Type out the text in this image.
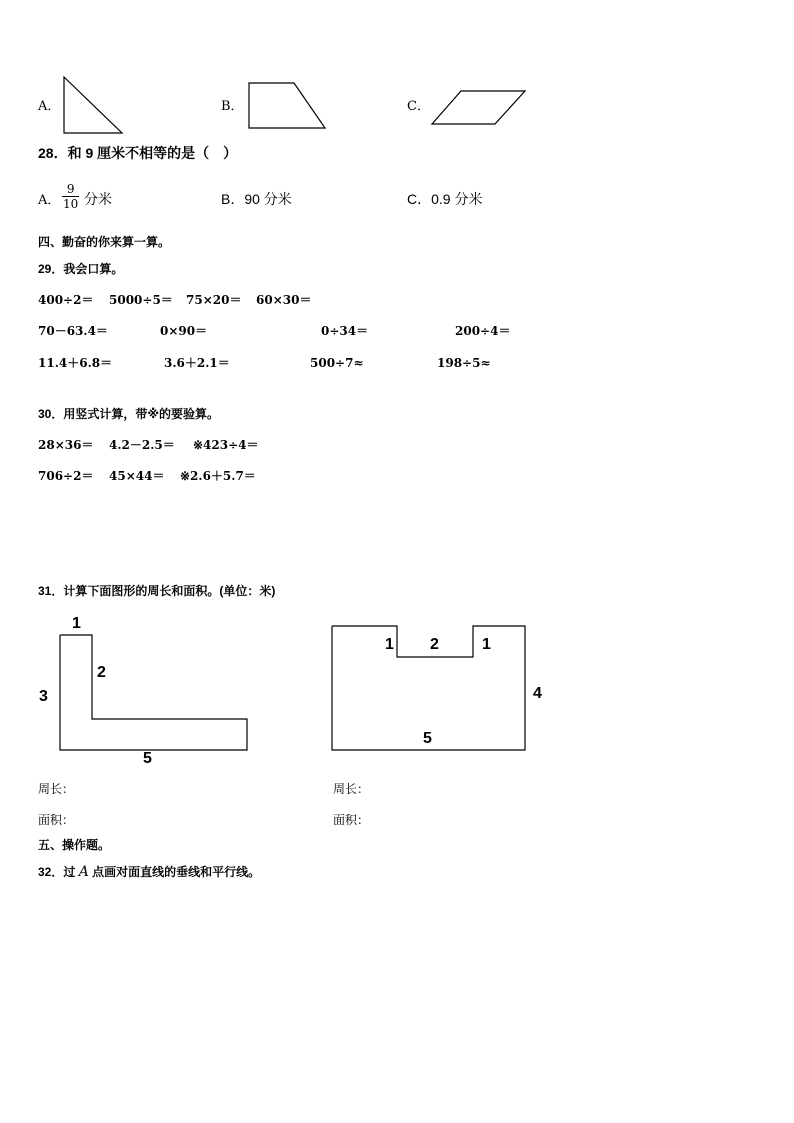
A．	B．	C．
28．和 9 厘米不相等的是（　）
A． $\frac{9}{10}$ 分米	B．90 分米	C．0.9 分米
四、勤奋的你来算一算。
29．我会口算。
400÷2＝ 5000÷5＝ 75×20＝ 60×30＝
70－63.4＝	0×90＝	0÷34＝	200÷4＝
11.4＋6.8＝	3.6＋2.1＝	500÷7≈	198÷5≈
30．用竖式计算，带※的要验算。
28×36＝ 4.2－2.5＝ ※423÷4＝
706÷2＝ 45×44＝ ※2.6＋5.7＝
31．计算下面图形的周长和面积。(单位：米)
1
2
3
5
1 2	1
4
5
周长：	周长：
面积：	面积：
五、操作题。
32．过 A 点画对面直线的垂线和平行线。
